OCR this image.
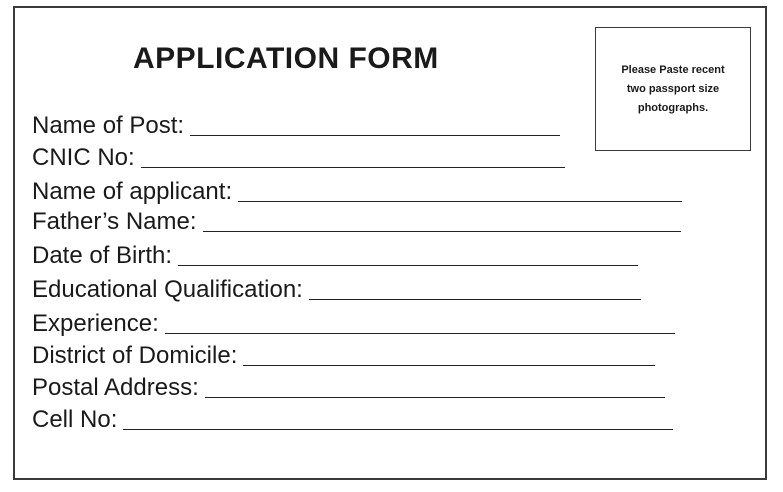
APPLICATION FORM	Please Paste recent
two passport size
photographs.
Name of Post:
CNIC No:
Name of applicant:
Father’s Name:
Date of Birth:
Educational Qualification:
Experience:
District of Domicile:
Postal Address:
Cell No:
